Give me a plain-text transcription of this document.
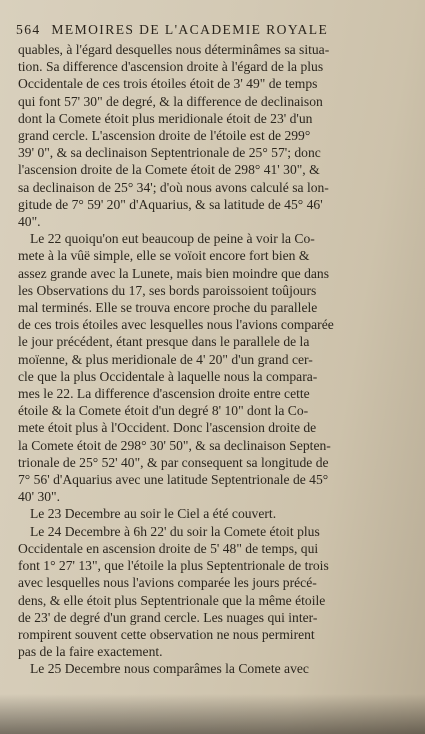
564 MEMOIRES DE L'ACADEMIE ROYALE
quables, à l'égard desquelles nous déterminâmes sa situa-
tion. Sa difference d'ascension droite à l'égard de la plus
Occidentale de ces trois étoiles étoit de 3' 49" de temps
qui font 57' 30" de degré, & la difference de declinaison
dont la Comete étoit plus meridionale étoit de 23' d'un
grand cercle. L'ascension droite de l'étoile est de 299°
39' 0", & sa declinaison Septentrionale de 25° 57'; donc
l'ascension droite de la Comete étoit de 298° 41' 30", &
sa declinaison de 25° 34'; d'où nous avons calculé sa lon-
gitude de 7° 59' 20" d'Aquarius, & sa latitude de 45° 46'
40".
Le 22 quoiqu'on eut beaucoup de peine à voir la Co-
mete à la vûë simple, elle se voïoit encore fort bien &
assez grande avec la Lunete, mais bien moindre que dans
les Observations du 17, ses bords paroissoient toûjours
mal terminés. Elle se trouva encore proche du parallele
de ces trois étoiles avec lesquelles nous l'avions comparée
le jour précédent, étant presque dans le parallele de la
moïenne, & plus meridionale de 4' 20" d'un grand cer-
cle que la plus Occidentale à laquelle nous la compara-
mes le 22. La difference d'ascension droite entre cette
étoile & la Comete étoit d'un degré 8' 10" dont la Co-
mete étoit plus à l'Occident. Donc l'ascension droite de
la Comete étoit de 298° 30' 50", & sa declinaison Septen-
trionale de 25° 52' 40", & par consequent sa longitude de
7° 56' d'Aquarius avec une latitude Septentrionale de 45°
40' 30".
Le 23 Decembre au soir le Ciel a été couvert.
Le 24 Decembre à 6h 22' du soir la Comete étoit plus
Occidentale en ascension droite de 5' 48" de temps, qui
font 1° 27' 13", que l'étoile la plus Septentrionale de trois
avec lesquelles nous l'avions comparée les jours précé-
dens, & elle étoit plus Septentrionale que la même étoile
de 23' de degré d'un grand cercle. Les nuages qui inter-
rompirent souvent cette observation ne nous permirent
pas de la faire exactement.
Le 25 Decembre nous comparâmes la Comete avec
